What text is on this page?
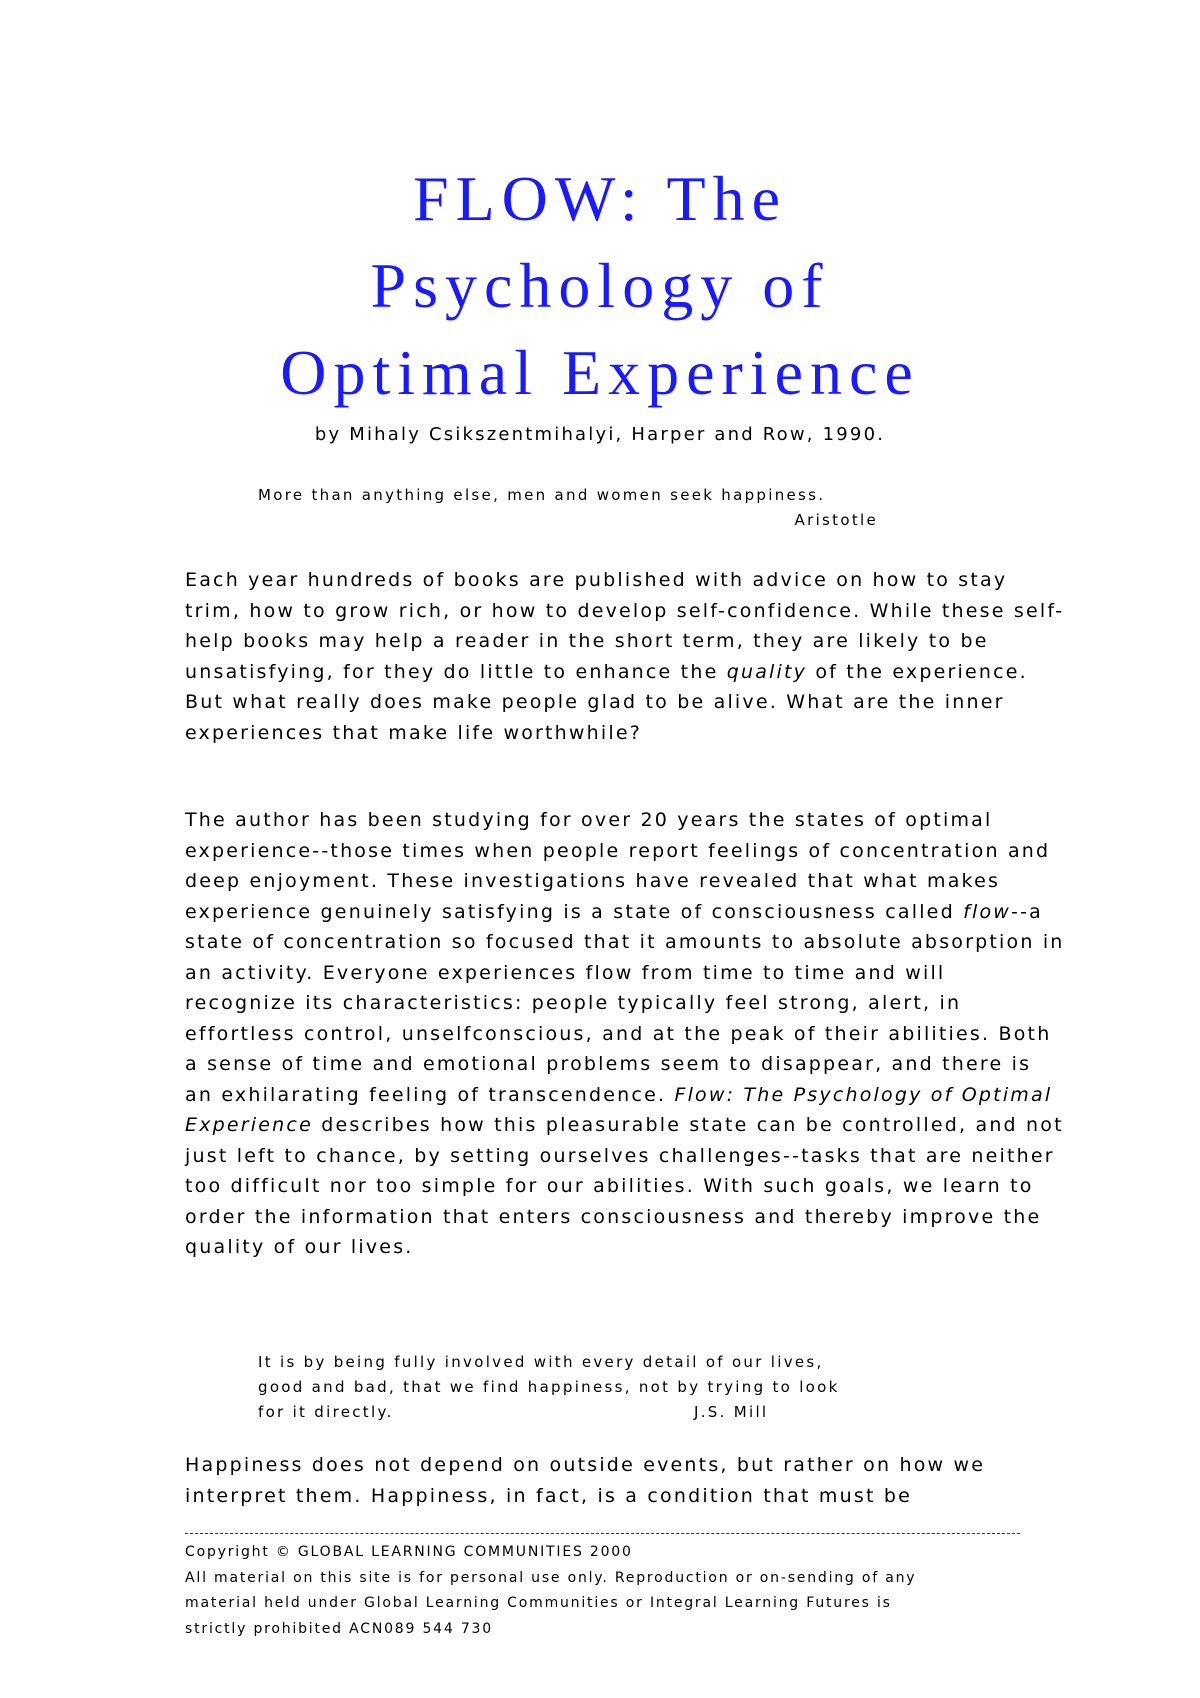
FLOW: The
Psychology of
Optimal Experience
by Mihaly Csikszentmihalyi, Harper and Row, 1990.
More than anything else, men and women seek happiness.
Aristotle

Each year hundreds of books are published with advice on how to stay trim, how to grow rich, or how to develop self-confidence. While these self-help books may help a reader in the short term, they are likely to be unsatisfying, for they do little to enhance the quality of the experience. But what really does make people glad to be alive. What are the inner experiences that make life worthwhile?

The author has been studying for over 20 years the states of optimal experience--those times when people report feelings of concentration and deep enjoyment. These investigations have revealed that what makes experience genuinely satisfying is a state of consciousness called flow--a state of concentration so focused that it amounts to absolute absorption in an activity. Everyone experiences flow from time to time and will recognize its characteristics: people typically feel strong, alert, in effortless control, unselfconscious, and at the peak of their abilities. Both a sense of time and emotional problems seem to disappear, and there is an exhilarating feeling of transcendence. Flow: The Psychology of Optimal Experience describes how this pleasurable state can be controlled, and not just left to chance, by setting ourselves challenges--tasks that are neither too difficult nor too simple for our abilities. With such goals, we learn to order the information that enters consciousness and thereby improve the quality of our lives.

It is by being fully involved with every detail of our lives,
good and bad, that we find happiness, not by trying to look
for it directly.	J.S. Mill

Happiness does not depend on outside events, but rather on how we interpret them. Happiness, in fact, is a condition that must be

Copyright © GLOBAL LEARNING COMMUNITIES 2000
All material on this site is for personal use only. Reproduction or on-sending of any
material held under Global Learning Communities or Integral Learning Futures is
strictly prohibited ACN089 544 730
